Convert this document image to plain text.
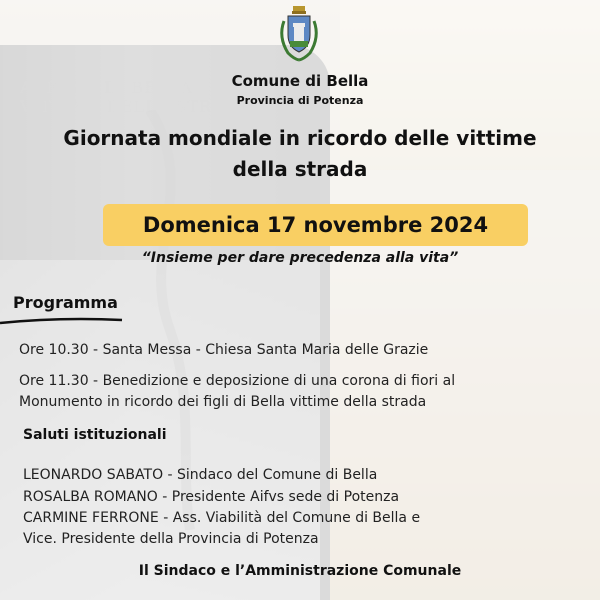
Comune di Bella
Provincia di Potenza
Giornata mondiale in ricordo delle vittime
della strada
Domenica 17 novembre 2024
“Insieme per dare precedenza alla vita”
Programma
Ore 10.30 - Santa Messa - Chiesa Santa Maria delle Grazie
Ore 11.30 - Benedizione e deposizione di una corona di fiori al
Monumento in ricordo dei figli di Bella vittime della strada
Saluti istituzionali
LEONARDO SABATO - Sindaco del Comune di Bella
ROSALBA ROMANO - Presidente Aifvs sede di Potenza
CARMINE FERRONE - Ass. Viabilità del Comune di Bella e
Vice. Presidente della Provincia di Potenza
Il Sindaco e l’Amministrazione Comunale
